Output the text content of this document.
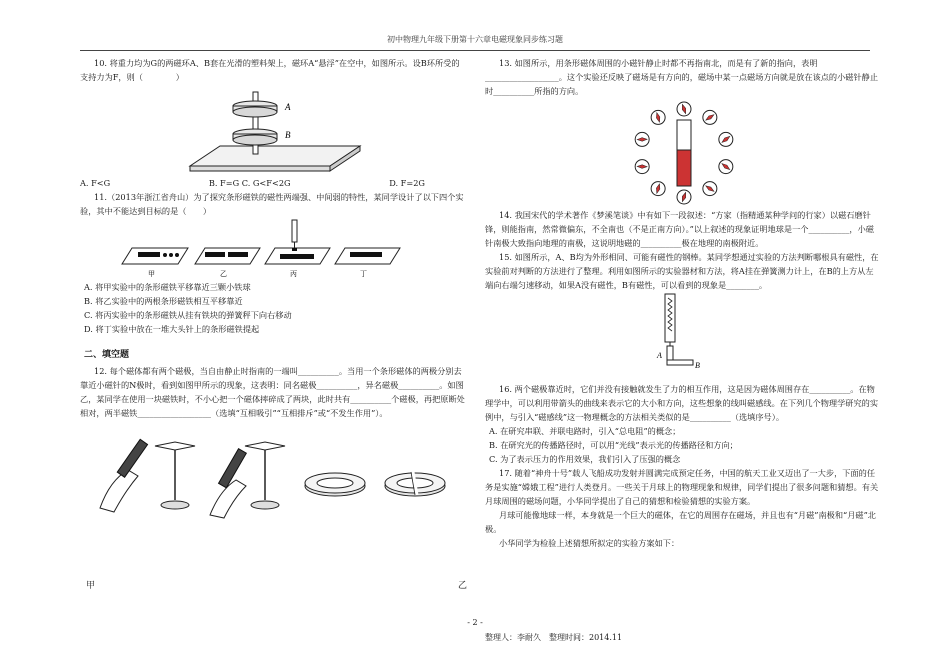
初中物理九年级下册第十六章电磁现象同步练习题

10. 将重力均为G的两磁环A、B套在光滑的塑料架上，磁环A“悬浮”在空中，如图所示。设B环所受的支持力为F，则（　　　　）

A
B
A. F<G	B. F=G C. G<F<2G	D. F=2G

11.（2013年浙江省舟山）为了探究条形磁铁的磁性两端强、中间弱的特性，某同学设计了以下四个实验，其中不能达到目标的是（　　）

甲	乙	丙	丁

A. 将甲实验中的条形磁铁平移靠近三颗小铁球

B. 将乙实验中的两根条形磁铁相互平移靠近

C. 将丙实验中的条形磁铁从挂有铁块的弹簧秤下向右移动

D. 将丁实验中放在一堆大头针上的条形磁铁提起

二、填空题

12. 每个磁体都有两个磁极，当自由静止时指南的一端叫__________。当用一个条形磁体的两极分别去靠近小磁针的N极时，看到如图甲所示的现象，这表明：同名磁极__________，异名磁极__________。如图乙，某同学在使用一块磁铁时，不小心把一个磁体摔碎成了两块，此时共有__________个磁极，再把原断处相对，两半磁铁__________________（选填“互相吸引”“互相排斥”或“不发生作用”）。

甲	乙

13. 如图所示，用条形磁体周围的小磁针静止时都不再指南北，而是有了新的指向，表明__________________。这个实验还反映了磁场是有方向的，磁场中某一点磁场方向就是放在该点的小磁针静止时__________所指的方向。

14. 我国宋代的学术著作《梦溪笔谈》中有如下一段叙述：“方家（指精通某种学问的行家）以磁石磨针锋，则能指南，然常微偏东，不全南也（不是正南方向）。”以上叙述的现象证明地球是一个__________，小磁针南极大致指向地理的南极，这说明地磁的__________极在地理的南极附近。

15. 如图所示，A、B均为外形相同、可能有磁性的钢棒。某同学想通过实验的方法判断哪根具有磁性，在实验前对判断的方法进行了整理。利用如图所示的实验器材和方法，将A挂在弹簧测力计上，在B的上方从左端向右端匀速移动，如果A没有磁性，B有磁性，可以看到的现象是________。

A
B

16. 两个磁极靠近时，它们并没有接触就发生了力的相互作用，这是因为磁体周围存在__________。在物理学中，可以利用带箭头的曲线来表示它的大小和方向，这些想象的线叫磁感线。在下列几个物理学研究的实例中，与引入“磁感线”这一物理概念的方法相关类似的是__________（选填序号）。

A. 在研究串联、并联电路时，引入“总电阻”的概念；

B. 在研究光的传播路径时，可以用“光线”表示光的传播路径和方向；

C. 为了表示压力的作用效果，我们引入了压强的概念

17. 随着“神舟十号”载人飞船成功发射并圆满完成预定任务，中国的航天工业又迈出了一大步，下面的任务是实施“嫦娥工程”进行人类登月。一些关于月球上的物理现象和规律，同学们提出了很多问题和猜想。有关月球周围的磁场问题，小华同学提出了自己的猜想和检验猜想的实验方案。

月球可能像地球一样，本身就是一个巨大的磁体，在它的周围存在磁场，并且也有“月磁”南极和“月磁”北极。

小华同学为检验上述猜想所拟定的实验方案如下：

- 2 -
整理人：李耐久　整理时间：2014.11
